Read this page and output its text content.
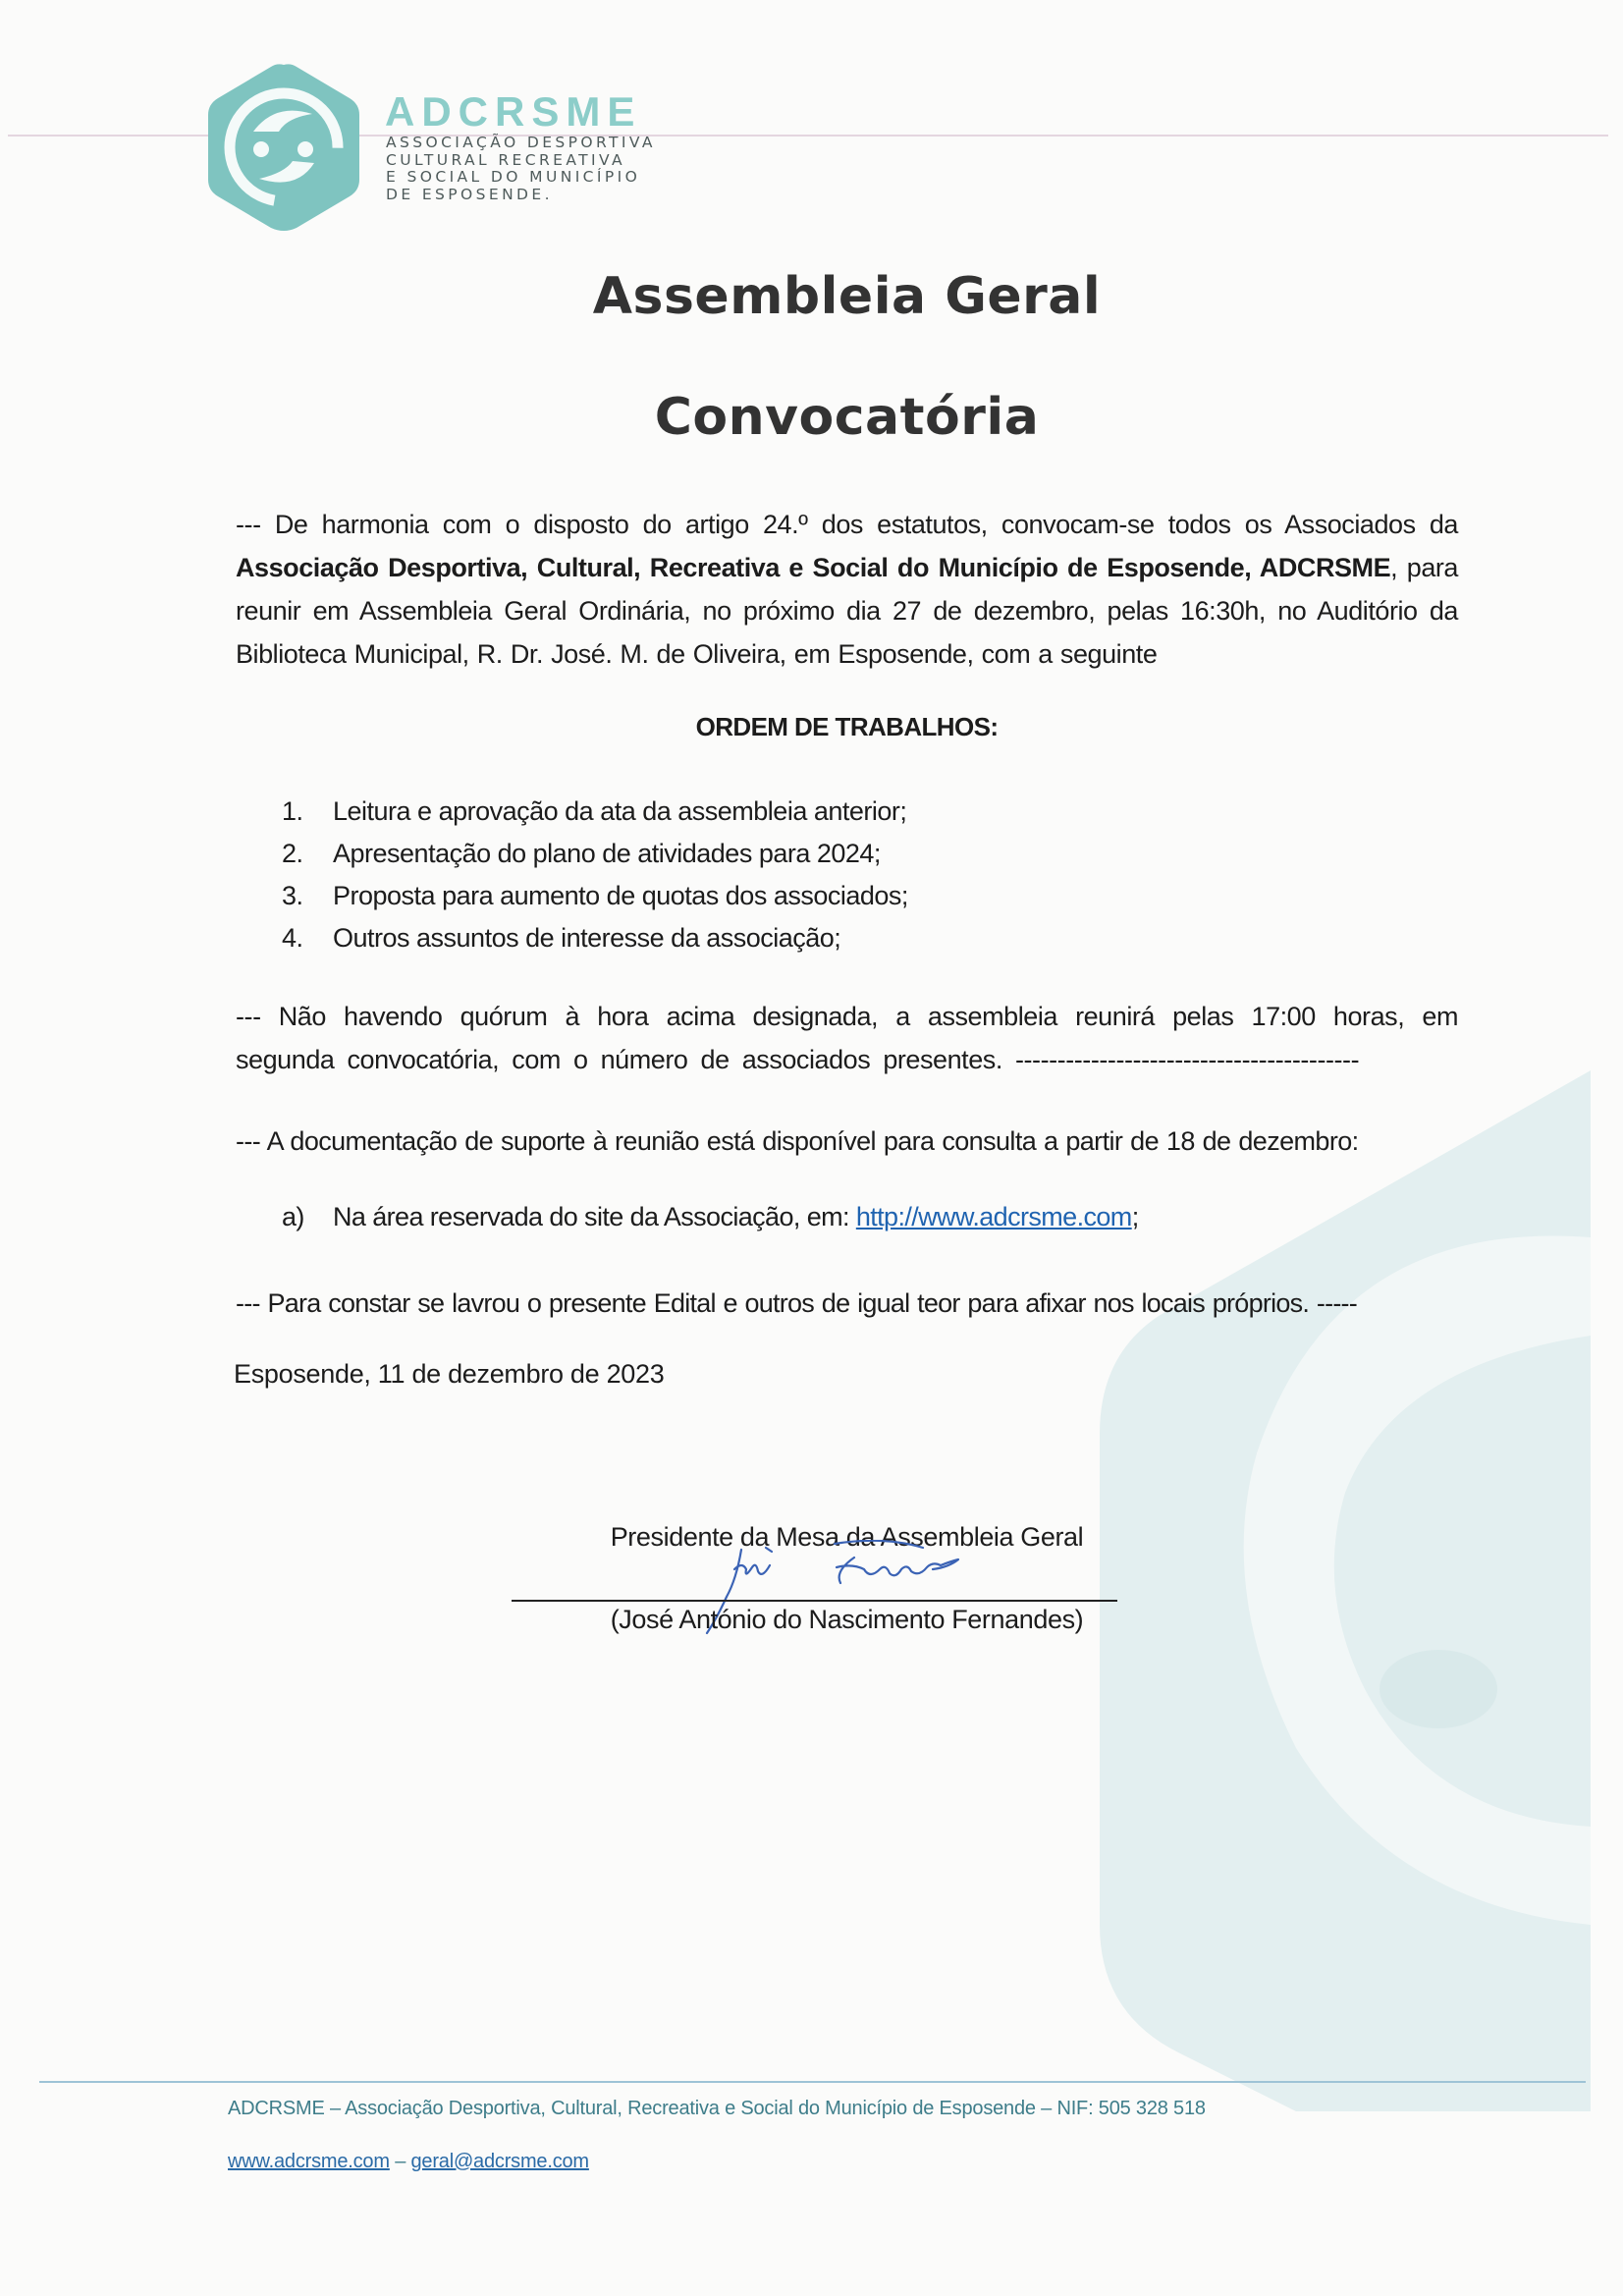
ADCRSME
ASSOCIAÇÃO DESPORTIVA
CULTURAL RECREATIVA
E SOCIAL DO MUNICÍPIO
DE ESPOSENDE.
Assembleia Geral
Convocatória
--- De harmonia com o disposto do artigo 24.º dos estatutos, convocam-se todos os Associados da Associação Desportiva, Cultural, Recreativa e Social do Município de Esposende, ADCRSME, para reunir em Assembleia Geral Ordinária, no próximo dia 27 de dezembro, pelas 16:30h, no Auditório da Biblioteca Municipal, R. Dr. José. M. de Oliveira, em Esposende, com a seguinte
ORDEM DE TRABALHOS:
1.	Leitura e aprovação da ata da assembleia anterior;
2.	Apresentação do plano de atividades para 2024;
3.	Proposta para aumento de quotas dos associados;
4.	Outros assuntos de interesse da associação;
--- Não havendo quórum à hora acima designada, a assembleia reunirá pelas 17:00 horas, em segunda convocatória, com o número de associados presentes. -----------------------------------------
--- A documentação de suporte à reunião está disponível para consulta a partir de 18 de dezembro:
a)	Na área reservada do site da Associação, em: http://www.adcrsme.com;
--- Para constar se lavrou o presente Edital e outros de igual teor para afixar nos locais próprios. -----
Esposende, 11 de dezembro de 2023
Presidente da Mesa da Assembleia Geral
(José António do Nascimento Fernandes)
ADCRSME – Associação Desportiva, Cultural, Recreativa e Social do Município de Esposende – NIF: 505 328 518
www.adcrsme.com – geral@adcrsme.com
